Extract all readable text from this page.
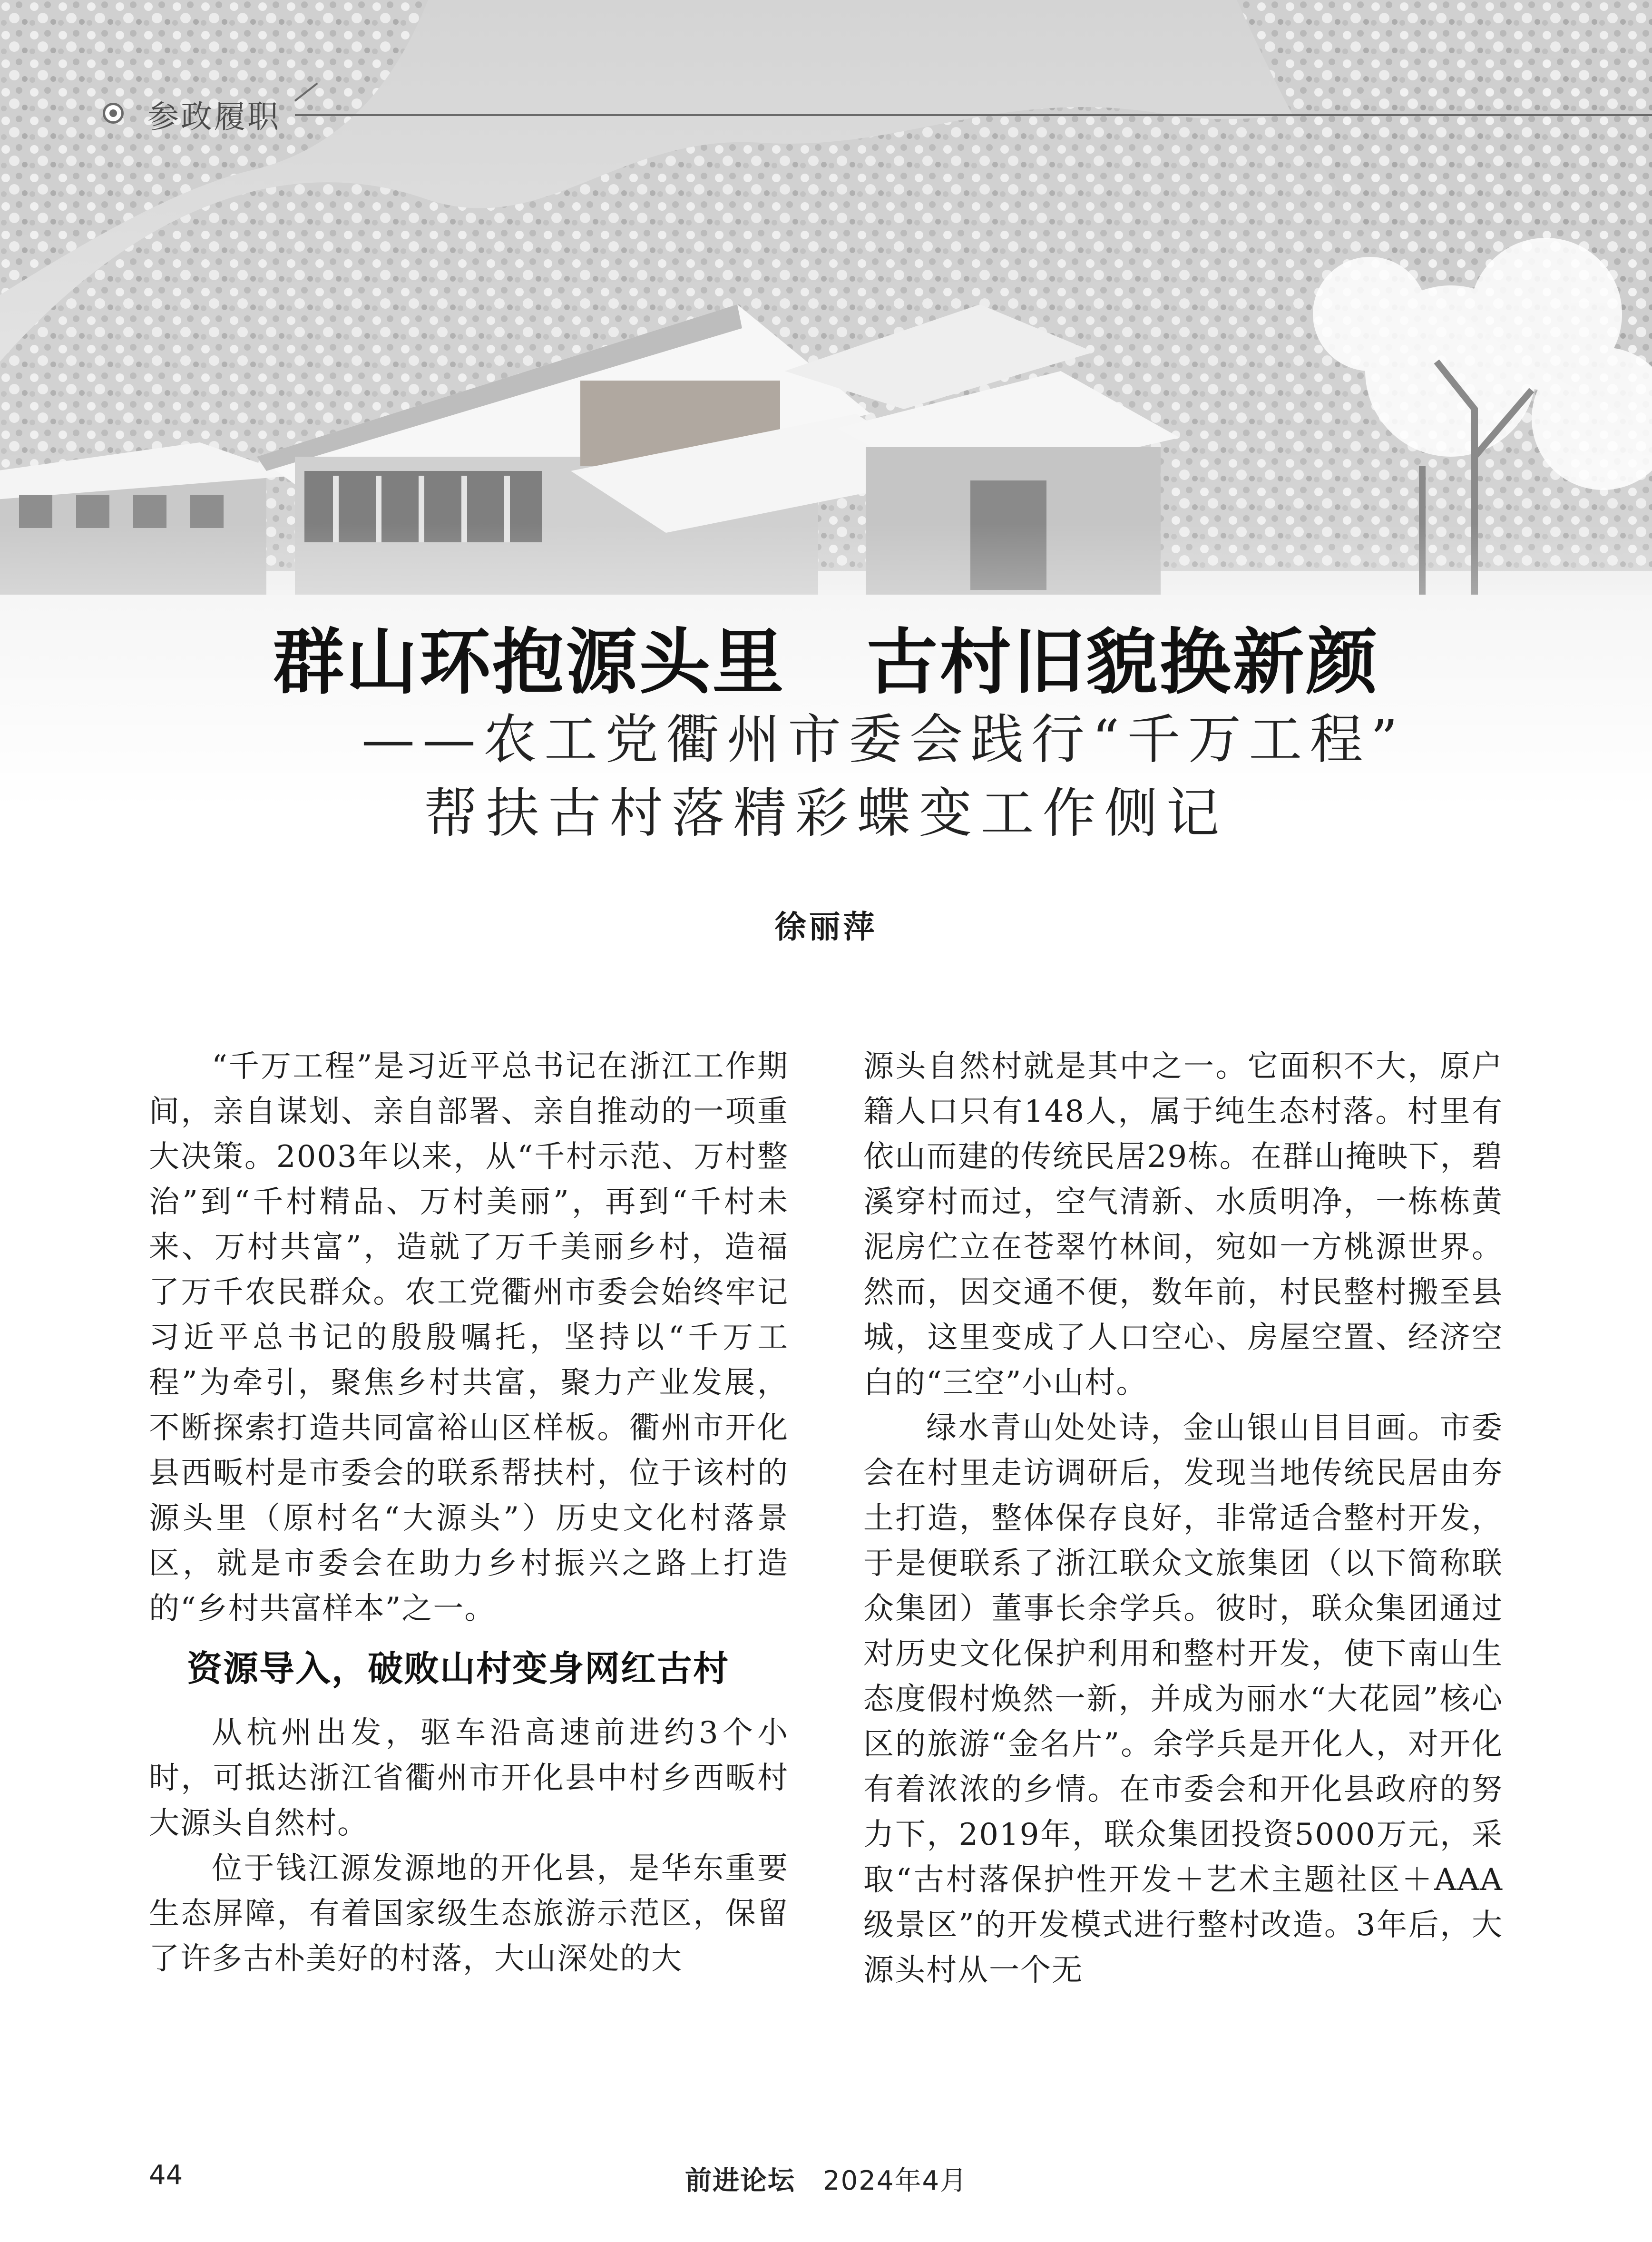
参政履职
群山环抱源头里 古村旧貌换新颜
——农工党衢州市委会践行“千万工程”
帮扶古村落精彩蝶变工作侧记
徐丽萍

“千万工程”是习近平总书记在浙江工作期间，亲自谋划、亲自部署、亲自推动的一项重大决策。2003年以来，从“千村示范、万村整治”到“千村精品、万村美丽”，再到“千村未来、万村共富”，造就了万千美丽乡村，造福了万千农民群众。农工党衢州市委会始终牢记习近平总书记的殷殷嘱托，坚持以“千万工程”为牵引，聚焦乡村共富，聚力产业发展，不断探索打造共同富裕山区样板。衢州市开化县西畈村是市委会的联系帮扶村，位于该村的源头里（原村名“大源头”）历史文化村落景区，就是市委会在助力乡村振兴之路上打造的“乡村共富样本”之一。

资源导入，破败山村变身网红古村

从杭州出发，驱车沿高速前进约3个小时，可抵达浙江省衢州市开化县中村乡西畈村大源头自然村。

位于钱江源发源地的开化县，是华东重要生态屏障，有着国家级生态旅游示范区，保留了许多古朴美好的村落，大山深处的大

源头自然村就是其中之一。它面积不大，原户籍人口只有148人，属于纯生态村落。村里有依山而建的传统民居29栋。在群山掩映下，碧溪穿村而过，空气清新、水质明净，一栋栋黄泥房伫立在苍翠竹林间，宛如一方桃源世界。然而，因交通不便，数年前，村民整村搬至县城，这里变成了人口空心、房屋空置、经济空白的“三空”小山村。

绿水青山处处诗，金山银山目目画。市委会在村里走访调研后，发现当地传统民居由夯土打造，整体保存良好，非常适合整村开发，于是便联系了浙江联众文旅集团（以下简称联众集团）董事长余学兵。彼时，联众集团通过对历史文化保护利用和整村开发，使下南山生态度假村焕然一新，并成为丽水“大花园”核心区的旅游“金名片”。余学兵是开化人，对开化有着浓浓的乡情。在市委会和开化县政府的努力下，2019年，联众集团投资5000万元，采取“古村落保护性开发＋艺术主题社区＋AAA级景区”的开发模式进行整村改造。3年后，大源头村从一个无

44	前进论坛 2024年4月
